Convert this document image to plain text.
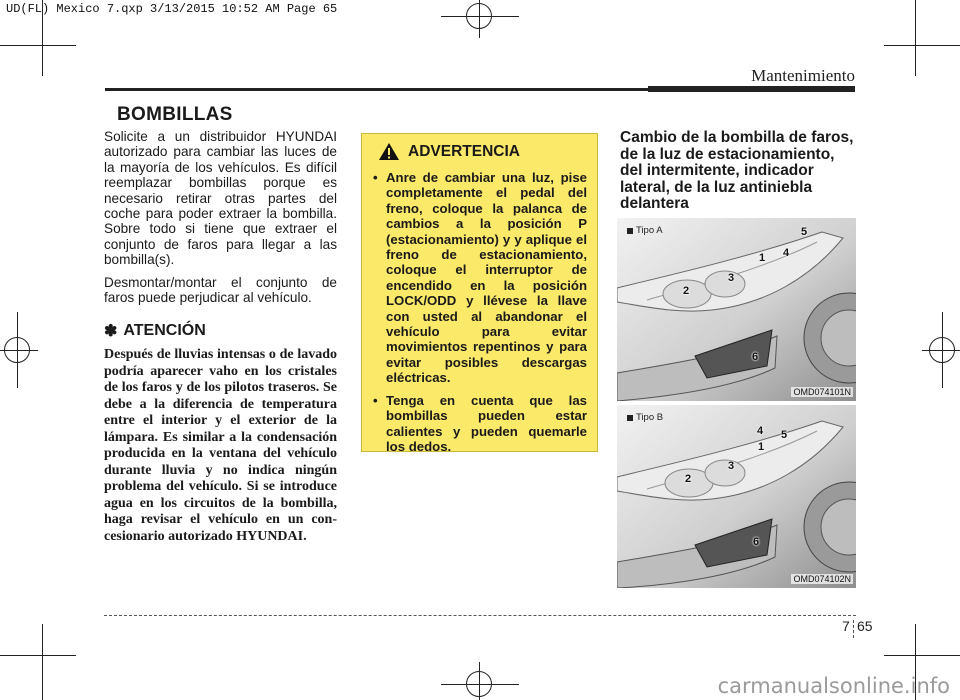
UD(FL) Mexico 7.qxp 3/13/2015 10:52 AM Page 65
Mantenimiento
BOMBILLAS

Solicite a un distribuidor HYUNDAI autorizado para cambiar las luces de la mayoría de los vehículos. Es difícil reemplazar bombillas porque es necesario retirar otras partes del coche para poder extraer la bombilla. Sobre todo si tiene que extraer el conjunto de faros para llegar a las bombilla(s).

Desmontar/montar el conjunto de faros puede perjudicar al vehículo.

✽ ATENCIÓN

Después de lluvias intensas o de lavado podría aparecer vaho en los cristales de los faros y de los pilotos traseros. Se debe a la diferencia de temperatura entre el interior y el exterior de la lámpara. Es similar a la condensación producida en la ventana del vehículo durante lluvia y no indica ningún problema del vehículo. Si se introduce agua en los circuitos de la bombilla, haga revisar el vehículo en un con-cesionario autorizado HYUNDAI.

ADVERTENCIA
• Anre de cambiar una luz, pise completamente el pedal del freno, coloque la palanca de cambios a la posición P (estacionamiento) y y aplique el freno de estacionamiento, coloque el interruptor de encendido en la posición LOCK/ODD y llévese la llave con usted al abandonar el vehículo para evitar movimientos repentinos y para evitar posibles descargas eléctricas.
• Tenga en cuenta que las bombillas pueden estar calientes y pueden quemarle los dedos.
Cambio de la bombilla de faros, de la luz de estacionamiento, del intermitente, indicador lateral, de la luz antiniebla delantera
Tipo A	5
1 4
3
2
6
OMD074101N
Tipo B
4 5
1
3
2
6
OMD074102N
7 65
carmanualsonline.info
